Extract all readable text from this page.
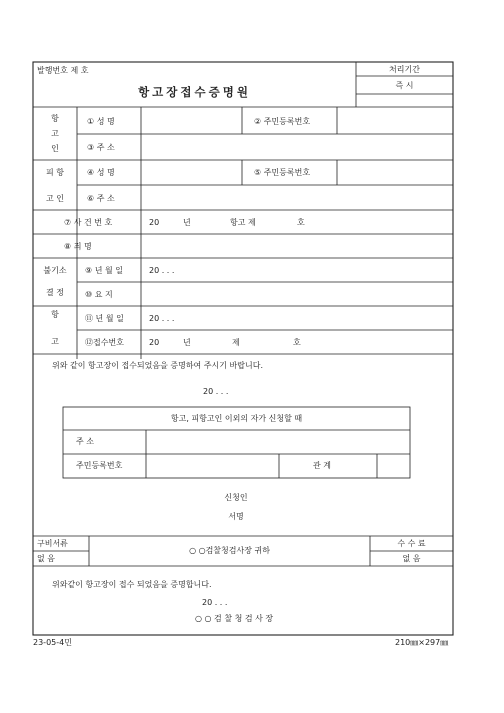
발행번호 제 호	처리기간
즉 시
항고장접수증명원
항
고
인
① 성 명	② 주민등록번호
③ 주 소
피 항
고 인
④ 성 명	⑤ 주민등록번호
⑥ 주 소
⑦ 사 건 번 호	20	년	항고 제	호
⑧ 죄 명
불기소
결 정
⑨ 년 월 일	20 . . .
⑩ 요 지
항
고
⑪ 년 월 일	20 . . .
⑫접수번호	20	년	제	호
위와 같이 항고장이 접수되었음을 증명하여 주시기 바랍니다.
20 . . .
항고, 피항고인 이외의 자가 신청할 때
주 소
주민등록번호	관 계
신청인
서명
구비서류
없 음
○ ○검찰청검사장 귀하
수 수 료
없 음
위와같이 항고장이 접수 되었음을 증명합니다.
20 . . .
○ ○ 검 찰 청 검 사 장
23-05-4민	210㎜×297㎜
